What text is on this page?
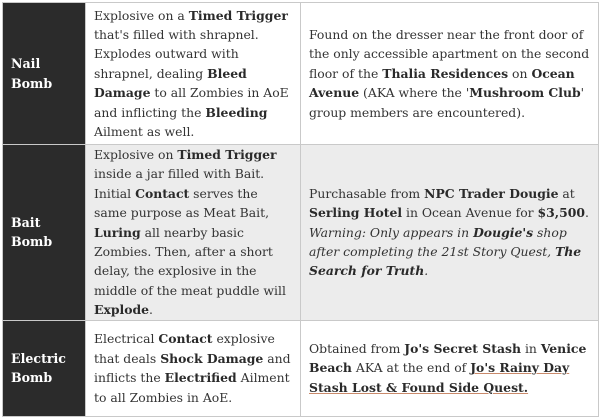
Nail Bomb	Explosive on a Timed Trigger that's filled with shrapnel. Explodes outward with shrapnel, dealing Bleed Damage to all Zombies in AoE and inflicting the Bleeding Ailment as well.	Found on the dresser near the front door of the only accessible apartment on the second floor of the Thalia Residences on Ocean Avenue (AKA where the 'Mushroom Club' group members are encountered).
Bait Bomb	Explosive on Timed Trigger inside a jar filled with Bait. Initial Contact serves the same purpose as Meat Bait, Luring all nearby basic Zombies. Then, after a short delay, the explosive in the middle of the meat puddle will Explode.	Purchasable from NPC Trader Dougie at Serling Hotel in Ocean Avenue for $3,500.
Warning: Only appears in Dougie's shop after completing the 21st Story Quest, The Search for Truth.
Electric Bomb	Electrical Contact explosive that deals Shock Damage and inflicts the Electrified Ailment to all Zombies in AoE.	Obtained from Jo's Secret Stash in Venice Beach AKA at the end of Jo's Rainy Day Stash Lost & Found Side Quest.
